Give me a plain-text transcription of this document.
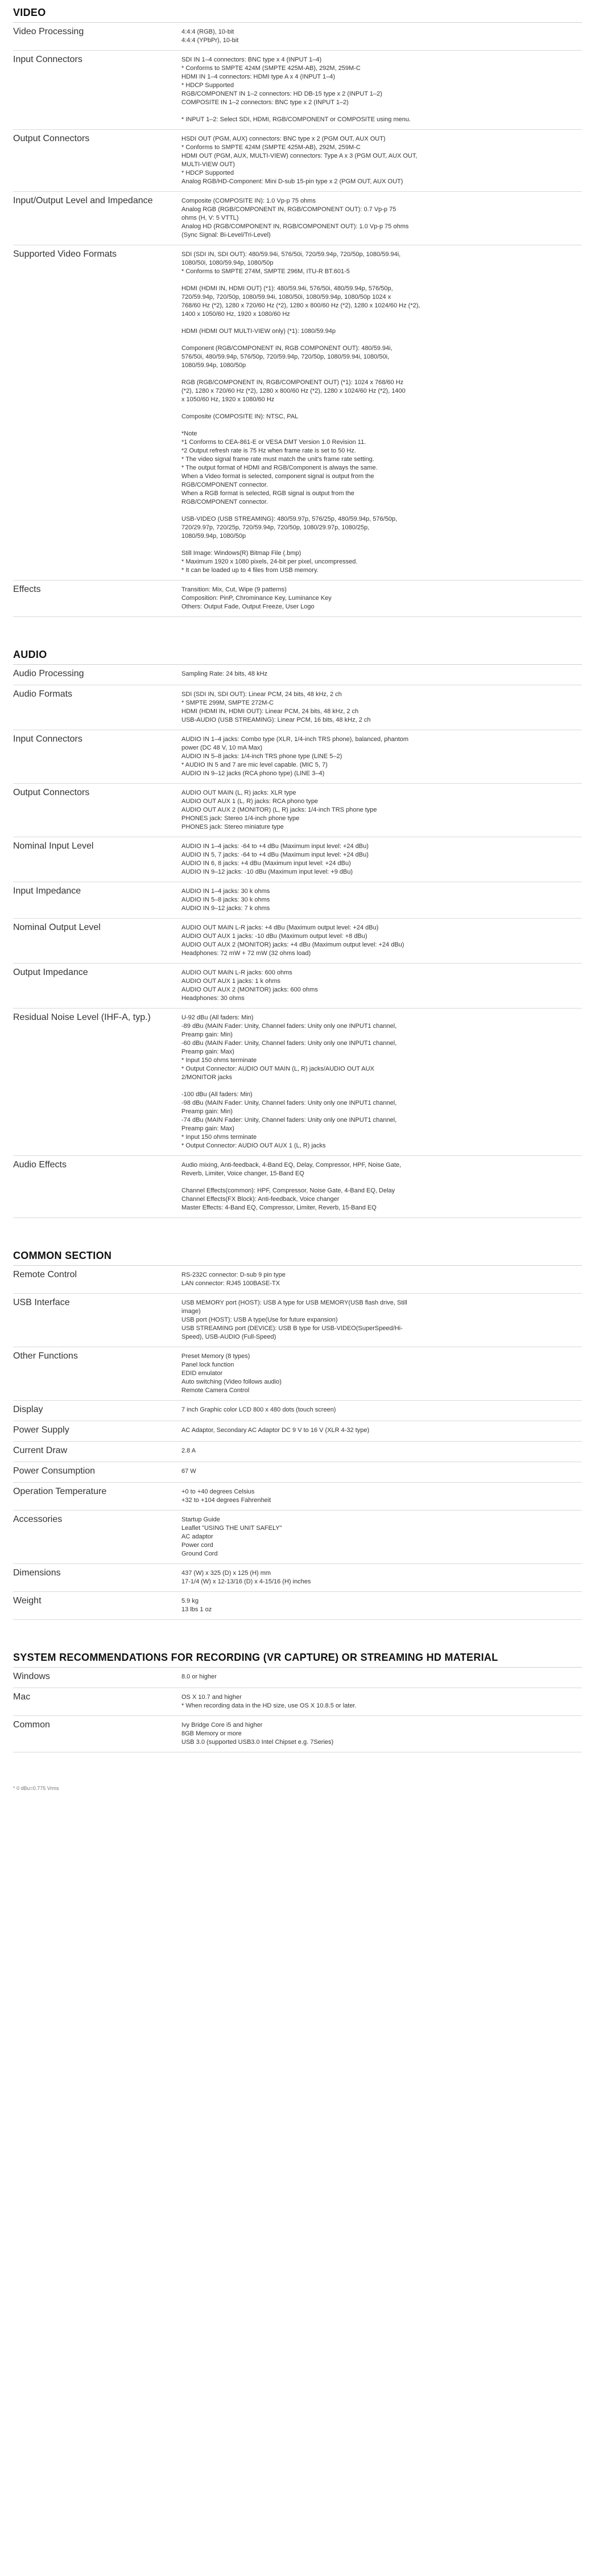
VIDEO
Video Processing	4:4:4 (RGB), 10-bit

4:4:4 (YPbPr), 10-bit

Input Connectors	SDI IN 1–4 connectors: BNC type x 4 (INPUT 1–4)

* Conforms to SMPTE 424M (SMPTE 425M-AB), 292M, 259M-C

HDMI IN 1–4 connectors: HDMI type A x 4 (INPUT 1–4)

* HDCP Supported

RGB/COMPONENT IN 1–2 connectors: HD DB-15 type x 2 (INPUT 1–2)

COMPOSITE IN 1–2 connectors: BNC type x 2 (INPUT 1–2)

* INPUT 1–2: Select SDI, HDMI, RGB/COMPONENT or COMPOSITE using menu.

Output Connectors	HSDI OUT (PGM, AUX) connectors: BNC type x 2 (PGM OUT, AUX OUT)

* Conforms to SMPTE 424M (SMPTE 425M-AB), 292M, 259M-C

HDMI OUT (PGM, AUX, MULTI-VIEW) connectors: Type A x 3 (PGM OUT, AUX OUT,

MULTI-VIEW OUT)

* HDCP Supported

Analog RGB/HD-Component: Mini D-sub 15-pin type x 2 (PGM OUT, AUX OUT)

Input/Output Level and Impedance	Composite (COMPOSITE IN): 1.0 Vp-p 75 ohms

Analog RGB (RGB/COMPONENT IN, RGB/COMPONENT OUT): 0.7 Vp-p 75

ohms (H, V: 5 VTTL)

Analog HD (RGB/COMPONENT IN, RGB/COMPONENT OUT): 1.0 Vp-p 75 ohms

(Sync Signal: Bi-Level/Tri-Level)

Supported Video Formats	SDI (SDI IN, SDI OUT): 480/59.94i, 576/50i, 720/59.94p, 720/50p, 1080/59.94i,

1080/50i, 1080/59.94p, 1080/50p

* Conforms to SMPTE 274M, SMPTE 296M, ITU-R BT.601-5

HDMI (HDMI IN, HDMI OUT) (*1): 480/59.94i, 576/50i, 480/59.94p, 576/50p,

720/59.94p, 720/50p, 1080/59.94i, 1080/50i, 1080/59.94p, 1080/50p 1024 x

768/60 Hz (*2), 1280 x 720/60 Hz (*2), 1280 x 800/60 Hz (*2), 1280 x 1024/60 Hz (*2),

1400 x 1050/60 Hz, 1920 x 1080/60 Hz

HDMI (HDMI OUT MULTI-VIEW only) (*1): 1080/59.94p

Component (RGB/COMPONENT IN, RGB COMPONENT OUT): 480/59.94i,

576/50i, 480/59.94p, 576/50p, 720/59.94p, 720/50p, 1080/59.94i, 1080/50i,

1080/59.94p, 1080/50p

RGB (RGB/COMPONENT IN, RGB/COMPONENT OUT) (*1): 1024 x 768/60 Hz

(*2), 1280 x 720/60 Hz (*2), 1280 x 800/60 Hz (*2), 1280 x 1024/60 Hz (*2), 1400

x 1050/60 Hz, 1920 x 1080/60 Hz

Composite (COMPOSITE IN): NTSC, PAL

*Note

*1 Conforms to CEA-861-E or VESA DMT Version 1.0 Revision 11.

*2 Output refresh rate is 75 Hz when frame rate is set to 50 Hz.

* The video signal frame rate must match the unit's frame rate setting.

* The output format of HDMI and RGB/Component is always the same.

When a Video format is selected, component signal is output from the

RGB/COMPONENT connector.

When a RGB format is selected, RGB signal is output from the

RGB/COMPONENT connector.

USB-VIDEO (USB STREAMING): 480/59.97p, 576/25p, 480/59.94p, 576/50p,

720/29.97p, 720/25p, 720/59.94p, 720/50p, 1080/29.97p, 1080/25p,

1080/59.94p, 1080/50p

Still Image: Windows(R) Bitmap File (.bmp)

* Maximum 1920 x 1080 pixels, 24-bit per pixel, uncompressed.

* It can be loaded up to 4 files from USB memory.

Effects	Transition: Mix, Cut, Wipe (9 patterns)

Composition: PinP, Chrominance Key, Luminance Key

Others: Output Fade, Output Freeze, User Logo

AUDIO
Audio Processing	Sampling Rate: 24 bits, 48 kHz

Audio Formats	SDI (SDI IN, SDI OUT): Linear PCM, 24 bits, 48 kHz, 2 ch

* SMPTE 299M, SMPTE 272M-C

HDMI (HDMI IN, HDMI OUT): Linear PCM, 24 bits, 48 kHz, 2 ch

USB-AUDIO (USB STREAMING): Linear PCM, 16 bits, 48 kHz, 2 ch

Input Connectors	AUDIO IN 1–4 jacks: Combo type (XLR, 1/4-inch TRS phone), balanced, phantom

power (DC 48 V, 10 mA Max)

AUDIO IN 5–8 jacks: 1/4-inch TRS phone type (LINE 5–2)

* AUDIO IN 5 and 7 are mic level capable. (MIC 5, 7)

AUDIO IN 9–12 jacks (RCA phono type) (LINE 3–4)

Output Connectors	AUDIO OUT MAIN (L, R) jacks: XLR type

AUDIO OUT AUX 1 (L, R) jacks: RCA phono type

AUDIO OUT AUX 2 (MONITOR) (L, R) jacks: 1/4-inch TRS phone type

PHONES jack: Stereo 1/4-inch phone type

PHONES jack: Stereo miniature type

Nominal Input Level	AUDIO IN 1–4 jacks: -64 to +4 dBu (Maximum input level: +24 dBu)

AUDIO IN 5, 7 jacks: -64 to +4 dBu (Maximum input level: +24 dBu)

AUDIO IN 6, 8 jacks: +4 dBu (Maximum input level: +24 dBu)

AUDIO IN 9–12 jacks: -10 dBu (Maximum input level: +9 dBu)

Input Impedance	AUDIO IN 1–4 jacks: 30 k ohms

AUDIO IN 5–8 jacks: 30 k ohms

AUDIO IN 9–12 jacks: 7 k ohms

Nominal Output Level	AUDIO OUT MAIN L-R jacks: +4 dBu (Maximum output level: +24 dBu)

AUDIO OUT AUX 1 jacks: -10 dBu (Maximum output level: +8 dBu)

AUDIO OUT AUX 2 (MONITOR) jacks: +4 dBu (Maximum output level: +24 dBu)

Headphones: 72 mW + 72 mW (32 ohms load)

Output Impedance	AUDIO OUT MAIN L-R jacks: 600 ohms

AUDIO OUT AUX 1 jacks: 1 k ohms

AUDIO OUT AUX 2 (MONITOR) jacks: 600 ohms

Headphones: 30 ohms

Residual Noise Level (IHF-A, typ.)	U-92 dBu (All faders: Min)

-89 dBu (MAIN Fader: Unity, Channel faders: Unity only one INPUT1 channel,

Preamp gain: Min)

-60 dBu (MAIN Fader: Unity, Channel faders: Unity only one INPUT1 channel,

Preamp gain: Max)

* Input 150 ohms terminate

* Output Connector: AUDIO OUT MAIN (L, R) jacks/AUDIO OUT AUX

2/MONITOR jacks

-100 dBu (All faders: Min)

-98 dBu (MAIN Fader: Unity, Channel faders: Unity only one INPUT1 channel,

Preamp gain: Min)

-74 dBu (MAIN Fader: Unity, Channel faders: Unity only one INPUT1 channel,

Preamp gain: Max)

* Input 150 ohms terminate

* Output Connector: AUDIO OUT AUX 1 (L, R) jacks

Audio Effects	Audio mixing, Anti-feedback, 4-Band EQ, Delay, Compressor, HPF, Noise Gate,

Reverb, Limiter, Voice changer, 15-Band EQ

Channel Effects(common): HPF, Compressor, Noise Gate, 4-Band EQ, Delay

Channel Effects(FX Block): Anti-feedback, Voice changer

Master Effects: 4-Band EQ, Compressor, Limiter, Reverb, 15-Band EQ

COMMON SECTION
Remote Control	RS-232C connector: D-sub 9 pin type

LAN connector: RJ45 100BASE-TX

USB Interface	USB MEMORY port (HOST): USB A type for USB MEMORY(USB flash drive, Still

image)

USB port (HOST): USB A type(Use for future expansion)

USB STREAMING port (DEVICE): USB B type for USB-VIDEO(SuperSpeed/Hi-

Speed), USB-AUDIO (Full-Speed)

Other Functions	Preset Memory (8 types)

Panel lock function

EDID emulator

Auto switching (Video follows audio)

Remote Camera Control

Display	7 inch Graphic color LCD 800 x 480 dots (touch screen)

Power Supply	AC Adaptor, Secondary AC Adaptor DC 9 V to 16 V (XLR 4-32 type)

Current Draw	2.8 A

Power Consumption	67 W

Operation Temperature	+0 to +40 degrees Celsius

+32 to +104 degrees Fahrenheit

Accessories	Startup Guide

Leaflet "USING THE UNIT SAFELY"

AC adaptor

Power cord

Ground Cord

Dimensions	437 (W) x 325 (D) x 125 (H) mm

17-1/4 (W) x 12-13/16 (D) x 4-15/16 (H) inches

Weight	5.9 kg

13 lbs 1 oz

SYSTEM RECOMMENDATIONS FOR RECORDING (VR CAPTURE) OR STREAMING HD MATERIAL
Windows	8.0 or higher

Mac	OS X 10.7 and higher

* When recording data in the HD size, use OS X 10.8.5 or later.

Common	Ivy Bridge Core i5 and higher

8GB Memory or more

USB 3.0 (supported USB3.0 Intel Chipset e.g. 7Series)

* 0 dBu=0.775 Vrms
